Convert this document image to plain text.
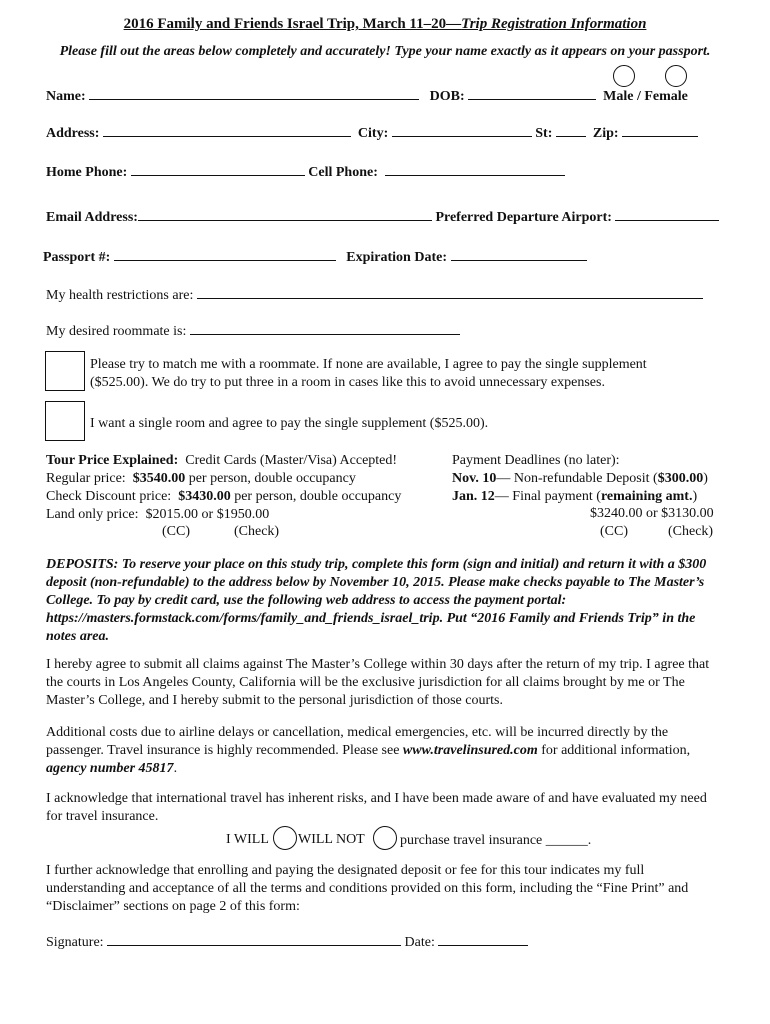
2016 Family and Friends Israel Trip, March 11–20—Trip Registration Information
Please fill out the areas below completely and accurately! Type your name exactly as it appears on your passport.
Name:	DOB:	Male / Female
Address:	City:	St:	Zip:
Home Phone:	Cell Phone:
Email Address:	Preferred Departure Airport:
Passport #:	Expiration Date:
My health restrictions are:
My desired roommate is:
Please try to match me with a roommate. If none are available, I agree to pay the single supplement
($525.00). We do try to put three in a room in cases like this to avoid unnecessary expenses.
I want a single room and agree to pay the single supplement ($525.00).
Tour Price Explained: Credit Cards (Master/Visa) Accepted!
Regular price: $3540.00 per person, double occupancy
Check Discount price: $3430.00 per person, double occupancy
Land only price: $2015.00 or $1950.00
(CC)	(Check)
Payment Deadlines (no later):
Nov. 10— Non-refundable Deposit ($300.00)
Jan. 12— Final payment (remaining amt.)
$3240.00 or $3130.00
(CC)	(Check)
DEPOSITS: To reserve your place on this study trip, complete this form (sign and initial) and return it with a $300 deposit (non-refundable) to the address below by November 10, 2015. Please make checks payable to The Master’s College. To pay by credit card, use the following web address to access the payment portal: https://masters.formstack.com/forms/family_and_friends_israel_trip. Put “2016 Family and Friends Trip” in the notes area.
I hereby agree to submit all claims against The Master’s College within 30 days after the return of my trip. I agree that the courts in Los Angeles County, California will be the exclusive jurisdiction for all claims brought by me or The Master’s College, and I hereby submit to the personal jurisdiction of those courts.
Additional costs due to airline delays or cancellation, medical emergencies, etc. will be incurred directly by the passenger. Travel insurance is highly recommended. Please see www.travelinsured.com for additional information, agency number 45817.
I acknowledge that international travel has inherent risks, and I have been made aware of and have evaluated my need for travel insurance.
I WILL WILL NOT	purchase travel insurance ______.
I further acknowledge that enrolling and paying the designated deposit or fee for this tour indicates my full understanding and acceptance of all the terms and conditions provided on this form, including the “Fine Print” and “Disclaimer” sections on page 2 of this form:
Signature:	Date:
